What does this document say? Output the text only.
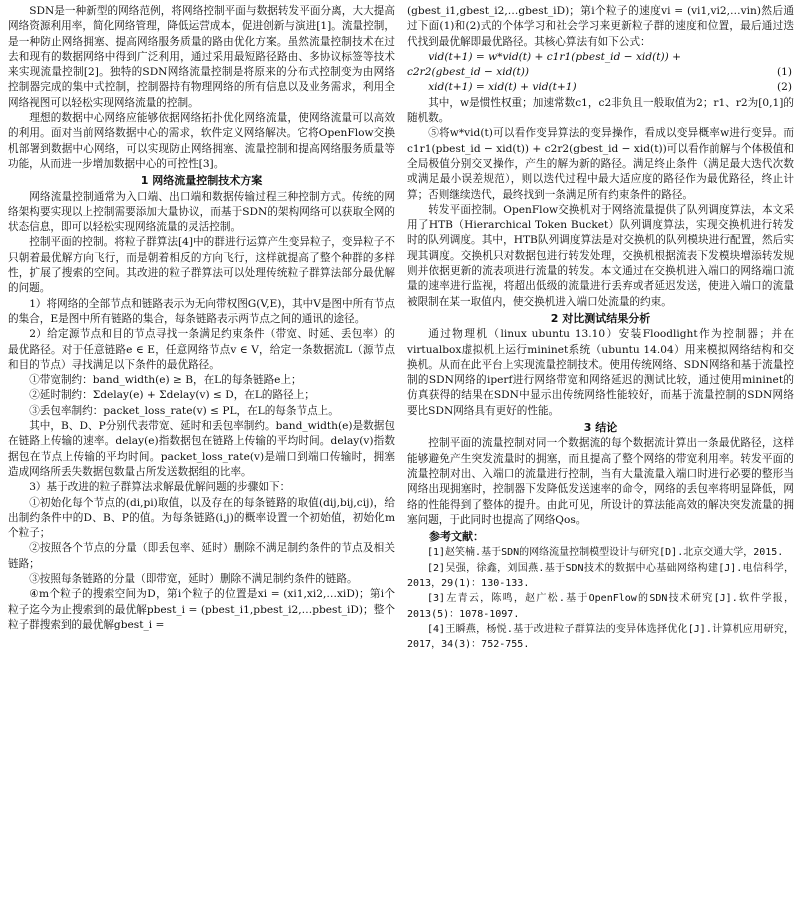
SDN是一种新型的网络范例，将网络控制平面与数据转发平面分离，大大提高网络资源利用率，简化网络管理，降低运营成本，促进创新与演进[1]。流量控制，是一种防止网络拥塞、提高网络服务质量的路由优化方案。虽然流量控制技术在过去和现有的数据网络中得到广泛利用，通过采用最短路径路由、多协议标签等技术来实现流量控制[2]。独特的SDN网络流量控制是将原来的分布式控制变为由网络控制器完成的集中式控制，控制器持有物理网络的所有信息以及业务需求，利用全网络视图可以轻松实现网络流量的控制。

理想的数据中心网络应能够依据网络拓扑优化网络流量，使网络流量可以高效的利用。面对当前网络数据中心的需求，软件定义网络解决。它将OpenFlow交换机部署到数据中心网络，可以实现防止网络拥塞、流量控制和提高网络服务质量等功能，从而进一步增加数据中心的可控性[3]。

1 网络流量控制技术方案

网络流量控制通常为入口端、出口端和数据传输过程三种控制方式。传统的网络架构要实现以上控制需要添加大量协议，而基于SDN的架构网络可以获取全网的状态信息，即可以轻松实现网络流量的灵活控制。

控制平面的控制。将粒子群算法[4]中的群进行运算产生变异粒子，变异粒子不只朝着最优解方向飞行，而是朝着相反的方向飞行，这样就提高了整个种群的多样性，扩展了搜索的空间。其改进的粒子群算法可以处理传统粒子群算法部分最优解的问题。

1）将网络的全部节点和链路表示为无向带权图G(V,E)，其中V是图中所有节点的集合，E是图中所有链路的集合，每条链路表示两节点之间的通讯的途径。

2）给定源节点和目的节点寻找一条满足约束条件（带宽、时延、丢包率）的最优路径。对于任意链路e ∈ E，任意网络节点v ∈ V，给定一条数据流L（源节点和目的节点）寻找满足以下条件的最优路径。

①带宽制约：band_width(e) ≥ B，在L的每条链路e上；

②延时制约：Σdelay(e) + Σdelay(v) ≤ D，在L的路径上；

③丢包率制约：packet_loss_rate(v) ≤ PL，在L的每条节点上。

其中，B、D、P分别代表带宽、延时和丢包率制约。band_width(e)是数据包在链路上传输的速率。delay(e)指数据包在链路上传输的平均时间。delay(v)指数据包在节点上传输的平均时间。packet_loss_rate(v)是端口到端口传输时，拥塞造成网络所丢失数据包数量占所发送数据组的比率。

3）基于改进的粒子群算法求解最优解问题的步骤如下：

①初始化每个节点的(di,pi)取值，以及存在的每条链路的取值(dij,bij,cij)，给出制约条件中的D、B、P的值。为每条链路(i,j)的概率设置一个初始值，初始化m个粒子；

②按照各个节点的分量（即丢包率、延时）删除不满足制约条件的节点及相关链路；

③按照每条链路的分量（即带宽，延时）删除不满足制约条件的链路。

④m个粒子的搜索空间为D，第i个粒子的位置是xi = (xi1,xi2,…xiD)；第i个粒子迄今为止搜索到的最优解pbest_i = (pbest_i1,pbest_i2,…pbest_iD)；整个粒子群搜索到的最优解gbest_i =

(gbest_i1,gbest_i2,…gbest_iD)；第i个粒子的速度vi = (vi1,vi2,…vin)然后通过下面(1)和(2)式的个体学习和社会学习来更新粒子群的速度和位置，最后通过迭代找到最优解即最优路径。其核心算法有如下公式：

vid(t+1) = w*vid(t) + c1r1(pbest_id − xid(t)) +
c2r2(gbest_id − xid(t))	(1)
xid(t+1) = xid(t) + vid(t+1)	(2)

其中，w是惯性权重；加速常数c1，c2非负且一般取值为2；r1、r2为[0,1]的随机数。

⑤将w*vid(t)可以看作变异算法的变异操作，看成以变异概率w进行变异。而c1r1(pbest_id − xid(t)) + c2r2(gbest_id − xid(t))可以看作前解与个体极值和全局极值分别交叉操作，产生的解为新的路径。满足终止条件（满足最大迭代次数或满足最小误差规范），则以迭代过程中最大适应度的路径作为最优路径，终止计算；否则继续迭代，最终找到一条满足所有约束条件的路径。

转发平面控制。OpenFlow交换机对于网络流量提供了队列调度算法，本文采用了HTB（Hierarchical Token Bucket）队列调度算法，实现交换机进行转发时的队列调度。其中，HTB队列调度算法是对交换机的队列模块进行配置，然后实现其调度。交换机只对数据包进行转发处理，交换机根据流表下发模块增添转发规则并依据更新的流表项进行流量的转发。本文通过在交换机进入端口的网络端口流量的速率进行监视，将超出低级的流量进行丢弃或者延迟发送，使进入端口的流量被限制在某一取值内，使交换机进入端口处流量的约束。

2 对比测试结果分析

通过物理机（linux ubuntu 13.10）安装Floodlight作为控制器；并在virtualbox虚拟机上运行mininet系统（ubuntu 14.04）用来模拟网络结构和交换机。从而在此平台上实现流量控制技术。使用传统网络、SDN网络和基于流量控制的SDN网络的iperf进行网络带宽和网络延迟的测试比较，通过使用mininet的仿真获得的结果在SDN中显示出传统网络性能较好，而基于流量控制的SDN网络要比SDN网络具有更好的性能。

3 结论

控制平面的流量控制对同一个数据流的每个数据流计算出一条最优路径，这样能够避免产生突发流量时的拥塞，而且提高了整个网络的带宽利用率。转发平面的流量控制对出、入端口的流量进行控制，当有大量流量入端口时进行必要的整形当网络出现拥塞时，控制器下发降低发送速率的命令，网络的丢包率将明显降低，网络的性能得到了整体的提升。由此可见，所设计的算法能高效的解决突发流量的拥塞问题，于此同时也提高了网络Qos。

参考文献：

[1]赵笑楠.基于SDN的网络流量控制模型设计与研究[D].北京交通大学，2015.

[2]吴强，徐鑫，刘国燕.基于SDN技术的数据中心基础网络构建[J].电信科学，2013，29(1)：130-133.

[3]左青云，陈鸣，赵广松.基于OpenFlow的SDN技术研究[J].软件学报，2013(5)：1078-1097.

[4]王瞬燕，杨悦.基于改进粒子群算法的变异体选择优化[J].计算机应用研究，2017，34(3)：752-755.
